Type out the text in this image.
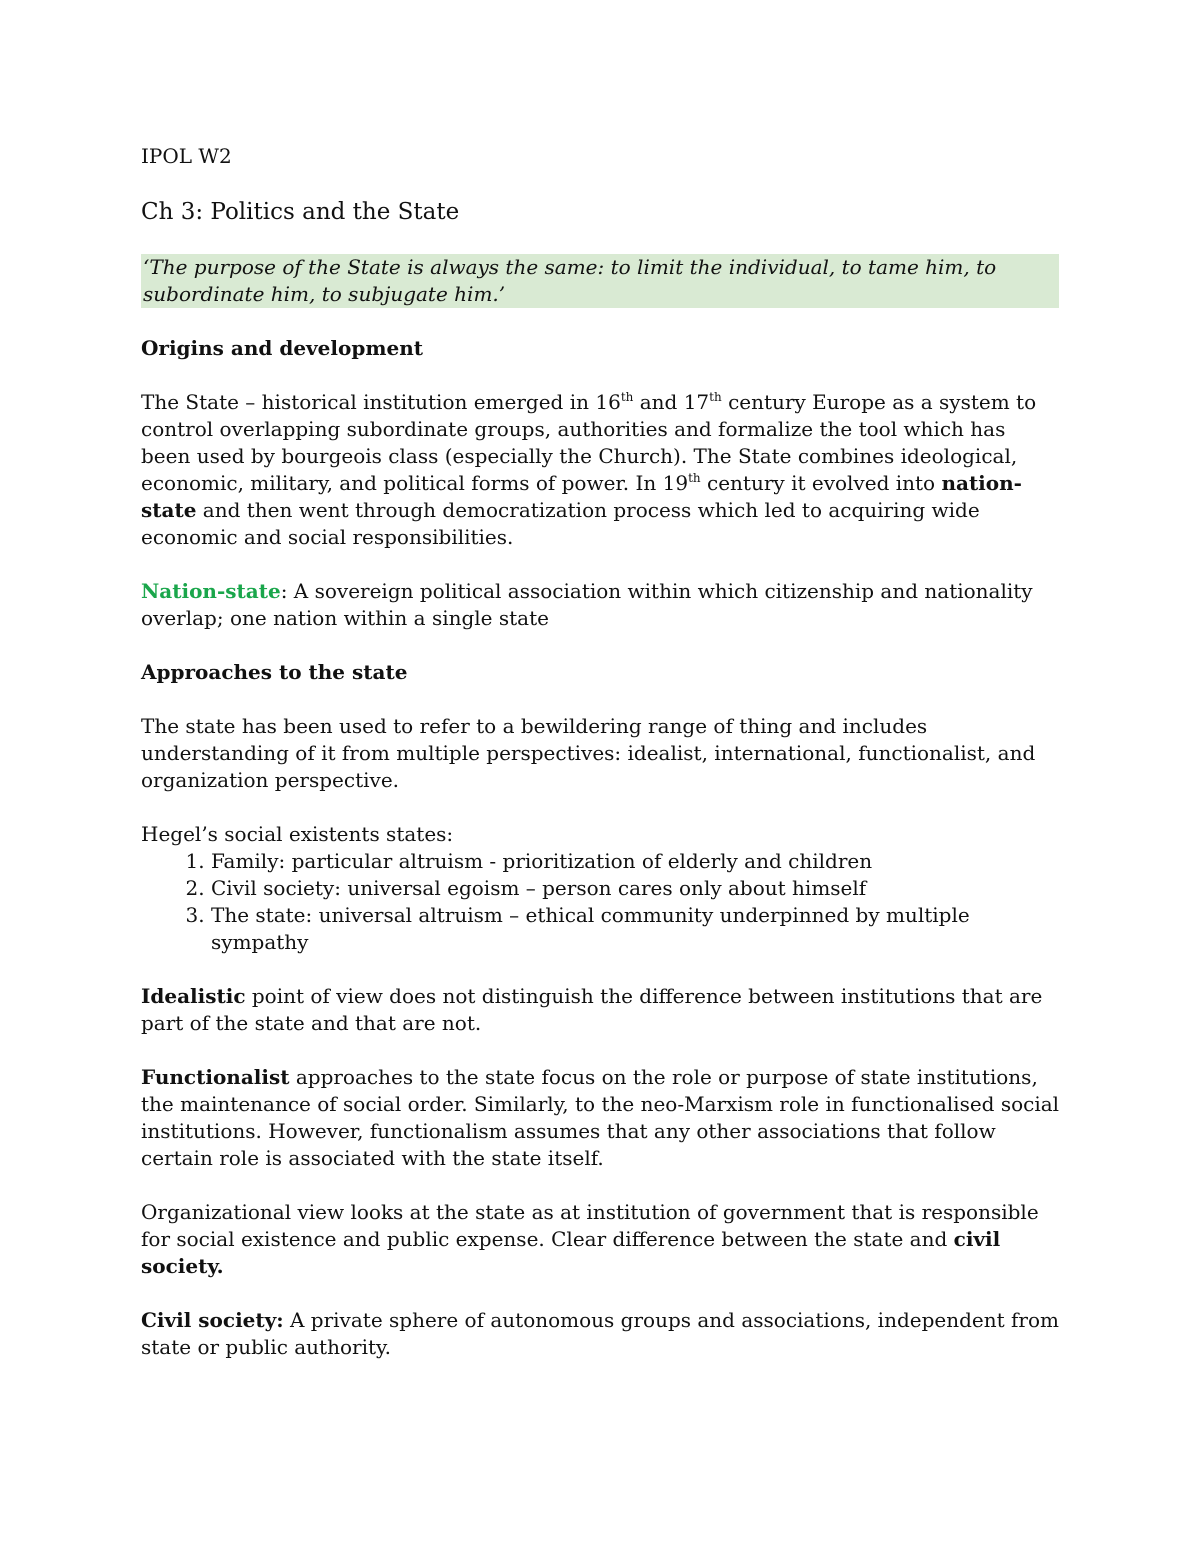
IPOL W2

Ch 3: Politics and the State

‘The purpose of the State is always the same: to limit the individual, to tame him, to subordinate him, to subjugate him.’

Origins and development

The State – historical institution emerged in 16th and 17th century Europe as a system to control overlapping subordinate groups, authorities and formalize the tool which has been used by bourgeois class (especially the Church). The State combines ideological, economic, military, and political forms of power. In 19th century it evolved into nation-state and then went through democratization process which led to acquiring wide economic and social responsibilities.

Nation-state: A sovereign political association within which citizenship and nationality overlap; one nation within a single state

Approaches to the state

The state has been used to refer to a bewildering range of thing and includes understanding of it from multiple perspectives: idealist, international, functionalist, and organization perspective.

Hegel’s social existents states:

1. Family: particular altruism - prioritization of elderly and children
2. Civil society: universal egoism – person cares only about himself
3. The state: universal altruism – ethical community underpinned by multiple sympathy

Idealistic point of view does not distinguish the difference between institutions that are part of the state and that are not.

Functionalist approaches to the state focus on the role or purpose of state institutions, the maintenance of social order. Similarly, to the neo-Marxism role in functionalised social institutions. However, functionalism assumes that any other associations that follow certain role is associated with the state itself.

Organizational view looks at the state as at institution of government that is responsible for social existence and public expense. Clear difference between the state and civil society.

Civil society: A private sphere of autonomous groups and associations, independent from state or public authority.
